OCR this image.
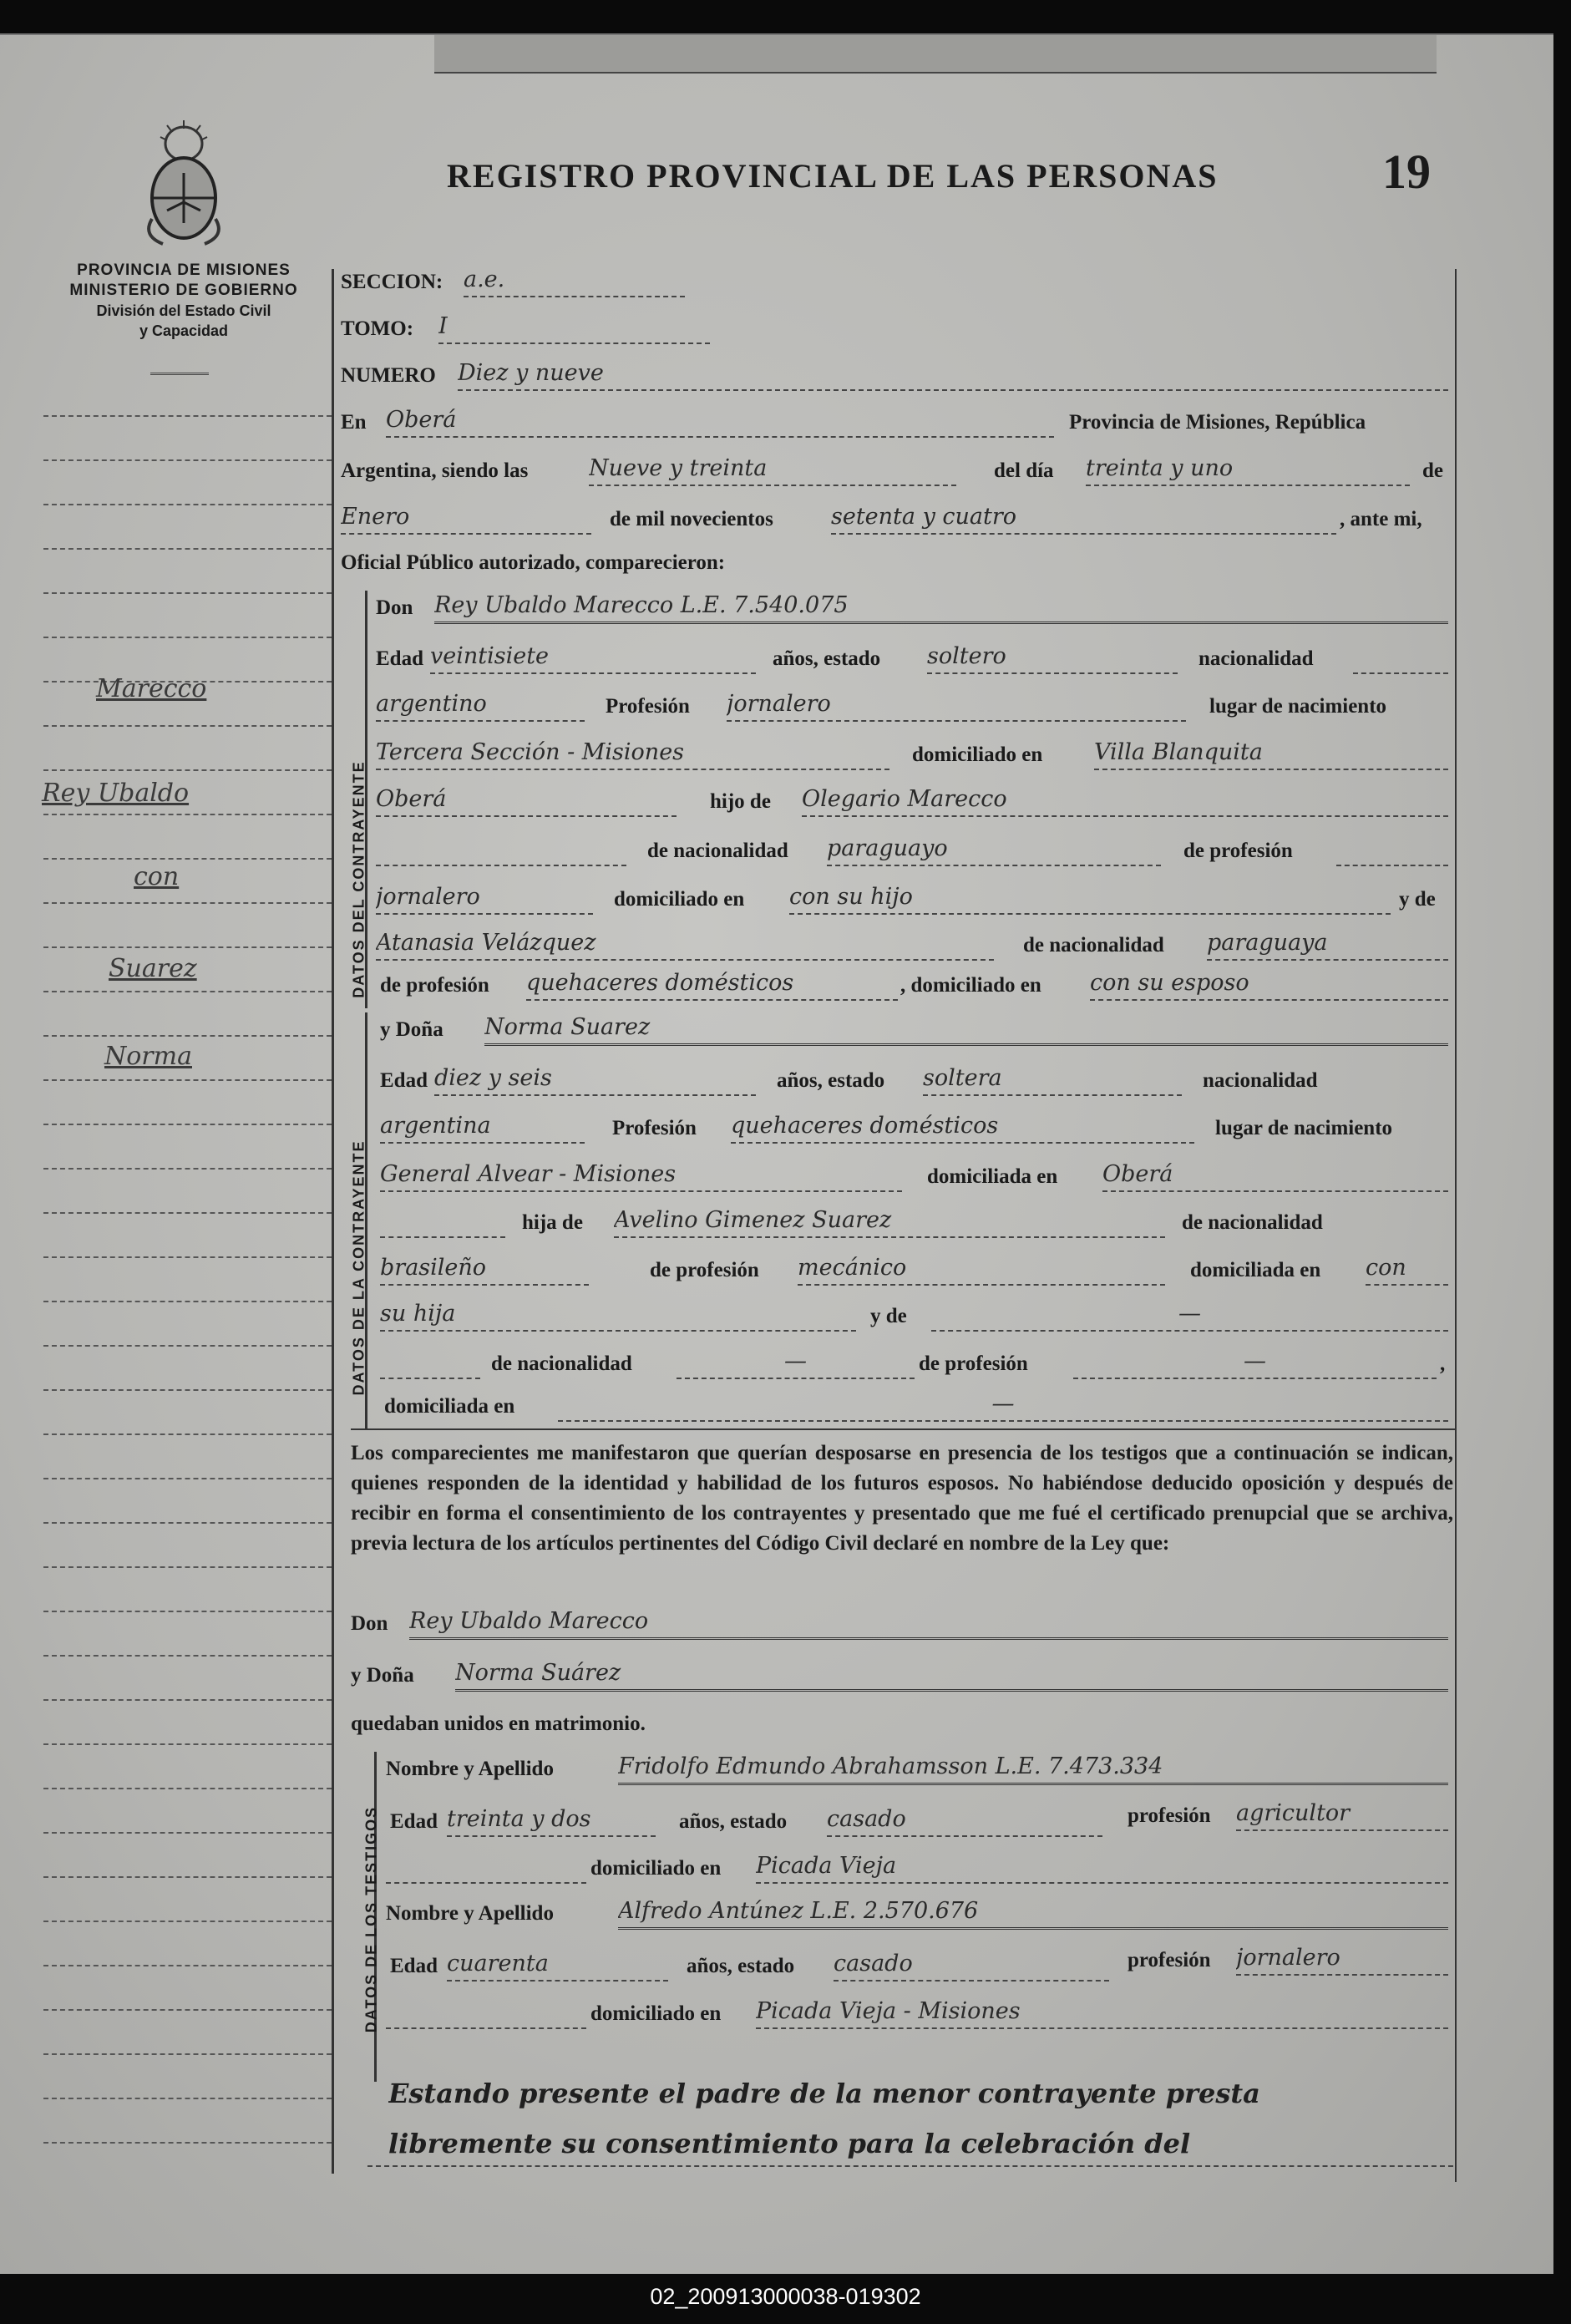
PROVINCIA DE MISIONES
MINISTERIO DE GOBIERNO
División del Estado Civil
y Capacidad
REGISTRO PROVINCIAL DE LAS PERSONAS	19
Marecco
Rey Ubaldo
con
Suarez
Norma
SECCION: a.e.
TOMO: I
NUMERO Diez y nueve
En Oberá	Provincia de Misiones, República
Argentina, siendo las	Nueve y treinta	del día treinta y uno	de
Enero	de mil novecientos	setenta y cuatro	, ante mi,
Oficial Público autorizado, comparecieron:
DATOS DEL CONTRAYENTE
Don Rey Ubaldo Marecco L.E. 7.540.075
Edad veintisiete	años, estado soltero	nacionalidad
argentino	Profesión jornalero	lugar de nacimiento
Tercera Sección - Misiones	domiciliado en Villa Blanquita
Oberá	hijo de Olegario Marecco
de nacionalidad paraguayo	de profesión
jornalero	domiciliado en con su hijo	y de
Atanasia Velázquez	de nacionalidad paraguaya
de profesión quehaceres domésticos	, domiciliado en con su esposo
DATOS DE LA CONTRAYENTE
y Doña Norma Suarez
Edad diez y seis	años, estado soltera	nacionalidad
argentina	Profesión quehaceres domésticos	lugar de nacimiento
General Alvear - Misiones	domiciliada en Oberá
hija de Avelino Gimenez Suarez	de nacionalidad
brasileño	de profesión mecánico	domiciliada en con
su hija	y de	—
de nacionalidad	—	de profesión	—	,
domiciliada en	—
Los comparecientes me manifestaron que querían desposarse en presencia de los testigos que a continuación se indican, quienes responden de la identidad y habilidad de los futuros esposos. No habiéndose deducido oposición y después de recibir en forma el consentimiento de los contrayentes y presentado que me fué el certificado prenupcial que se archiva, previa lectura de los artículos pertinentes del Código Civil declaré en nombre de la Ley que:
Don Rey Ubaldo Marecco
y Doña Norma Suárez
quedaban unidos en matrimonio.
DATOS DE LOS TESTIGOS
Nombre y Apellido	Fridolfo Edmundo Abrahamsson L.E. 7.473.334
Edad treinta y dos	años, estado casado	profesión agricultor
domiciliado en Picada Vieja
Nombre y Apellido	Alfredo Antúnez L.E. 2.570.676
Edad cuarenta	años, estado casado	profesión jornalero
domiciliado en Picada Vieja - Misiones
Estando presente el padre de la menor contrayente presta
libremente su consentimiento para la celebración del
02_200913000038-019302
